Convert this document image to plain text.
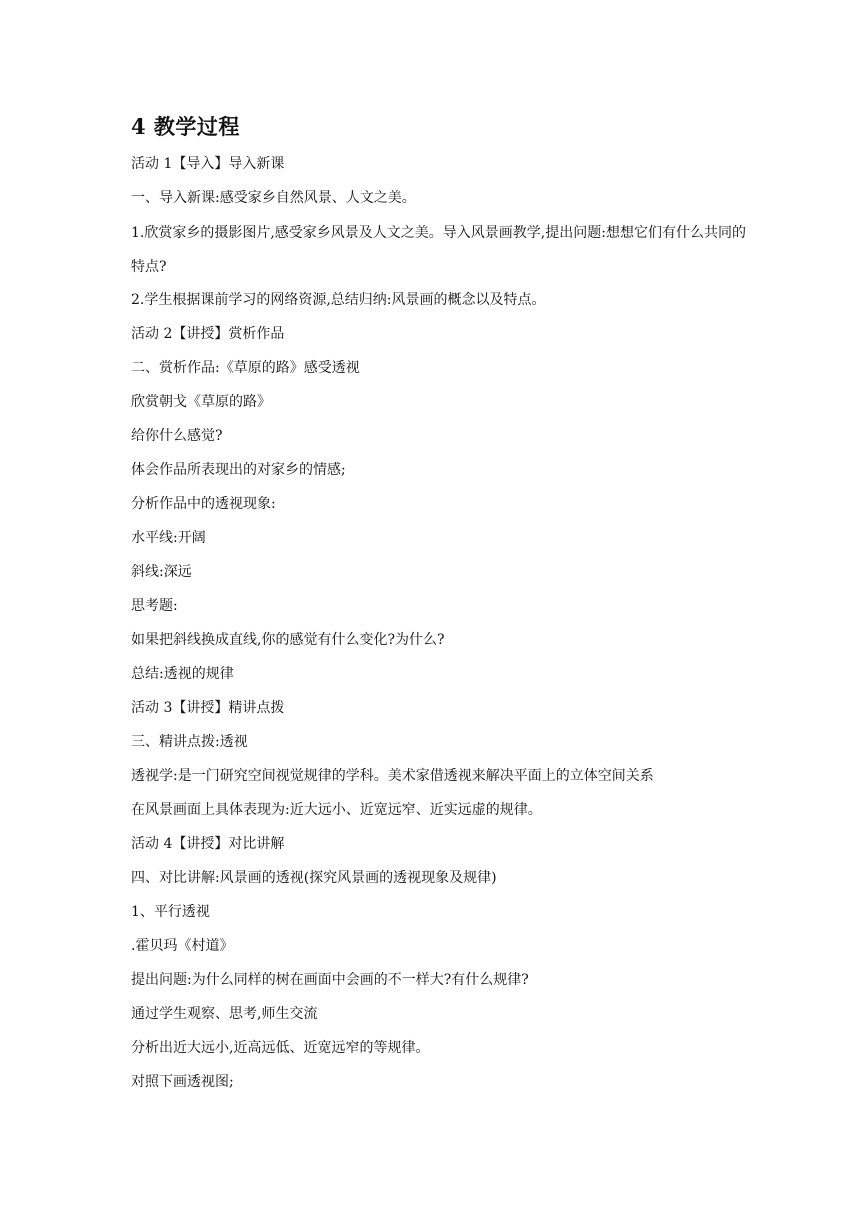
4 教学过程
活动 1【导入】导入新课
一、导入新课:感受家乡自然风景、人文之美。
1.欣赏家乡的摄影图片,感受家乡风景及人文之美。导入风景画教学,提出问题:想想它们有什么共同的特点?
2.学生根据课前学习的网络资源,总结归纳:风景画的概念以及特点。
活动 2【讲授】赏析作品
二、赏析作品:《草原的路》感受透视
欣赏朝戈《草原的路》
给你什么感觉?
体会作品所表现出的对家乡的情感;
分析作品中的透视现象:
水平线:开阔
斜线:深远
思考题:
如果把斜线换成直线,你的感觉有什么变化?为什么?
总结:透视的规律
活动 3【讲授】精讲点拨
三、精讲点拨:透视
透视学:是一门研究空间视觉规律的学科。美术家借透视来解决平面上的立体空间关系
在风景画面上具体表现为:近大远小、近宽远窄、近实远虚的规律。
活动 4【讲授】对比讲解
四、对比讲解:风景画的透视(探究风景画的透视现象及规律)
1、平行透视
.霍贝玛《村道》
提出问题:为什么同样的树在画面中会画的不一样大?有什么规律?
通过学生观察、思考,师生交流
分析出近大远小,近高远低、近宽远窄的等规律。
对照下画透视图;
